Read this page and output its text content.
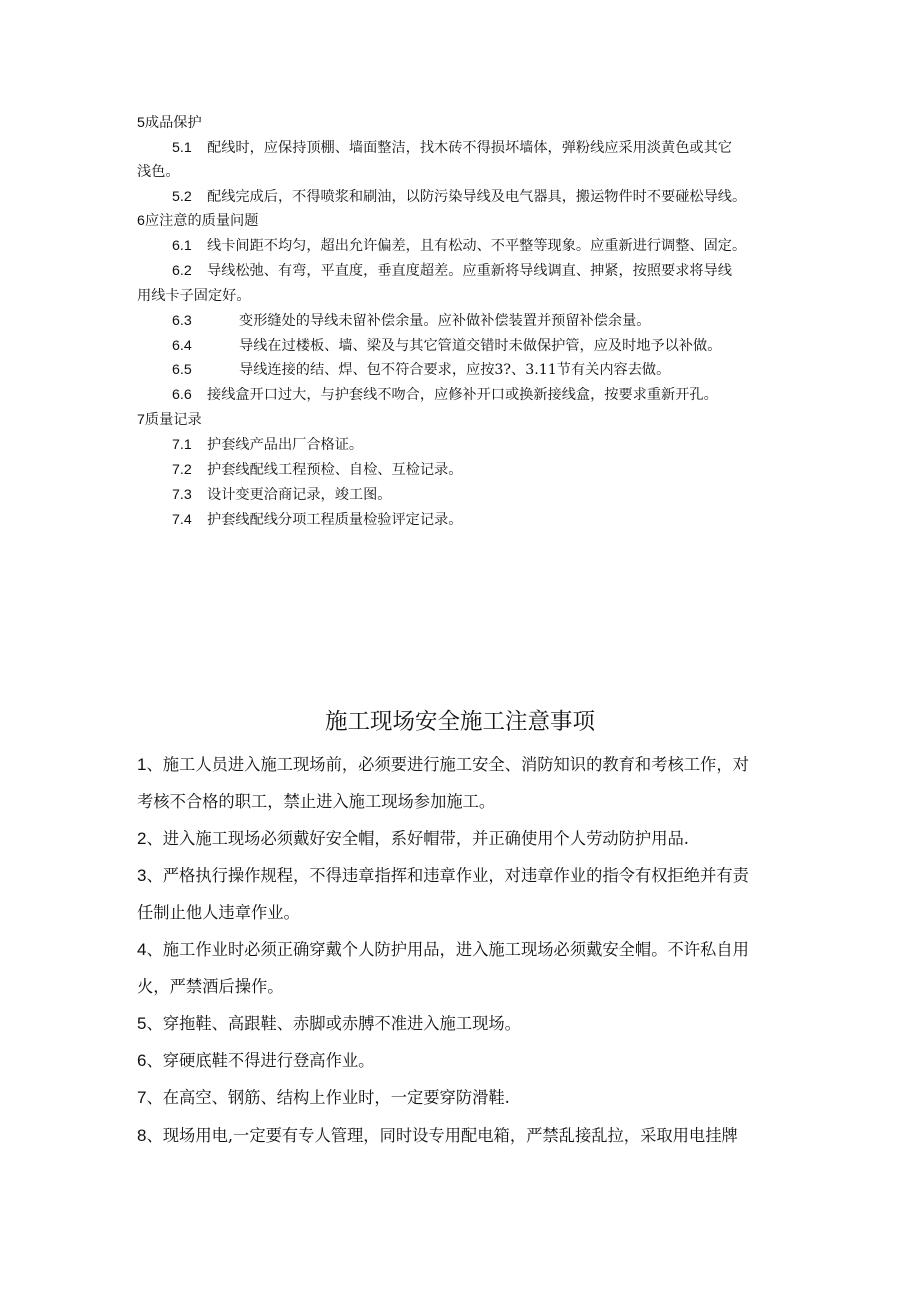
5成品保护
5.1 配线时，应保持顶棚、墙面整洁，找木砖不得损坏墙体，弹粉线应采用淡黄色或其它
浅色。
5.2 配线完成后，不得喷浆和刷油，以防污染导线及电气器具，搬运物件时不要碰松导线。
6应注意的质量问题
6.1 线卡间距不均匀，超出允许偏差，且有松动、不平整等现象。应重新进行调整、固定。
6.2 导线松弛、有弯，平直度，垂直度超差。应重新将导线调直、抻紧，按照要求将导线
用线卡子固定好。
6.3	变形缝处的导线未留补偿余量。应补做补偿装置并预留补偿余量。
6.4	导线在过楼板、墙、梁及与其它管道交错时未做保护管，应及时地予以补做。
6.5	导线连接的结、焊、包不符合要求，应按3?、3.11节有关内容去做。
6.6 接线盒开口过大，与护套线不吻合，应修补开口或换新接线盒，按要求重新开孔。
7质量记录
7.1 护套线产品出厂合格证。
7.2 护套线配线工程预检、自检、互检记录。
7.3 设计变更洽商记录，竣工图。
7.4 护套线配线分项工程质量检验评定记录。
施工现场安全施工注意事项
1、施工人员进入施工现场前，必须要进行施工安全、消防知识的教育和考核工作，对
考核不合格的职工，禁止进入施工现场参加施工。
2、进入施工现场必须戴好安全帽，系好帽带，并正确使用个人劳动防护用品.
3、严格执行操作规程，不得违章指挥和违章作业，对违章作业的指令有权拒绝并有责
任制止他人违章作业。
4、施工作业时必须正确穿戴个人防护用品，进入施工现场必须戴安全帽。不许私自用
火，严禁酒后操作。
5、穿拖鞋、高跟鞋、赤脚或赤膊不准进入施工现场。
6、穿硬底鞋不得进行登高作业。
7、在高空、钢筋、结构上作业时，一定要穿防滑鞋.
8、现场用电,一定要有专人管理，同时设专用配电箱，严禁乱接乱拉，采取用电挂牌
